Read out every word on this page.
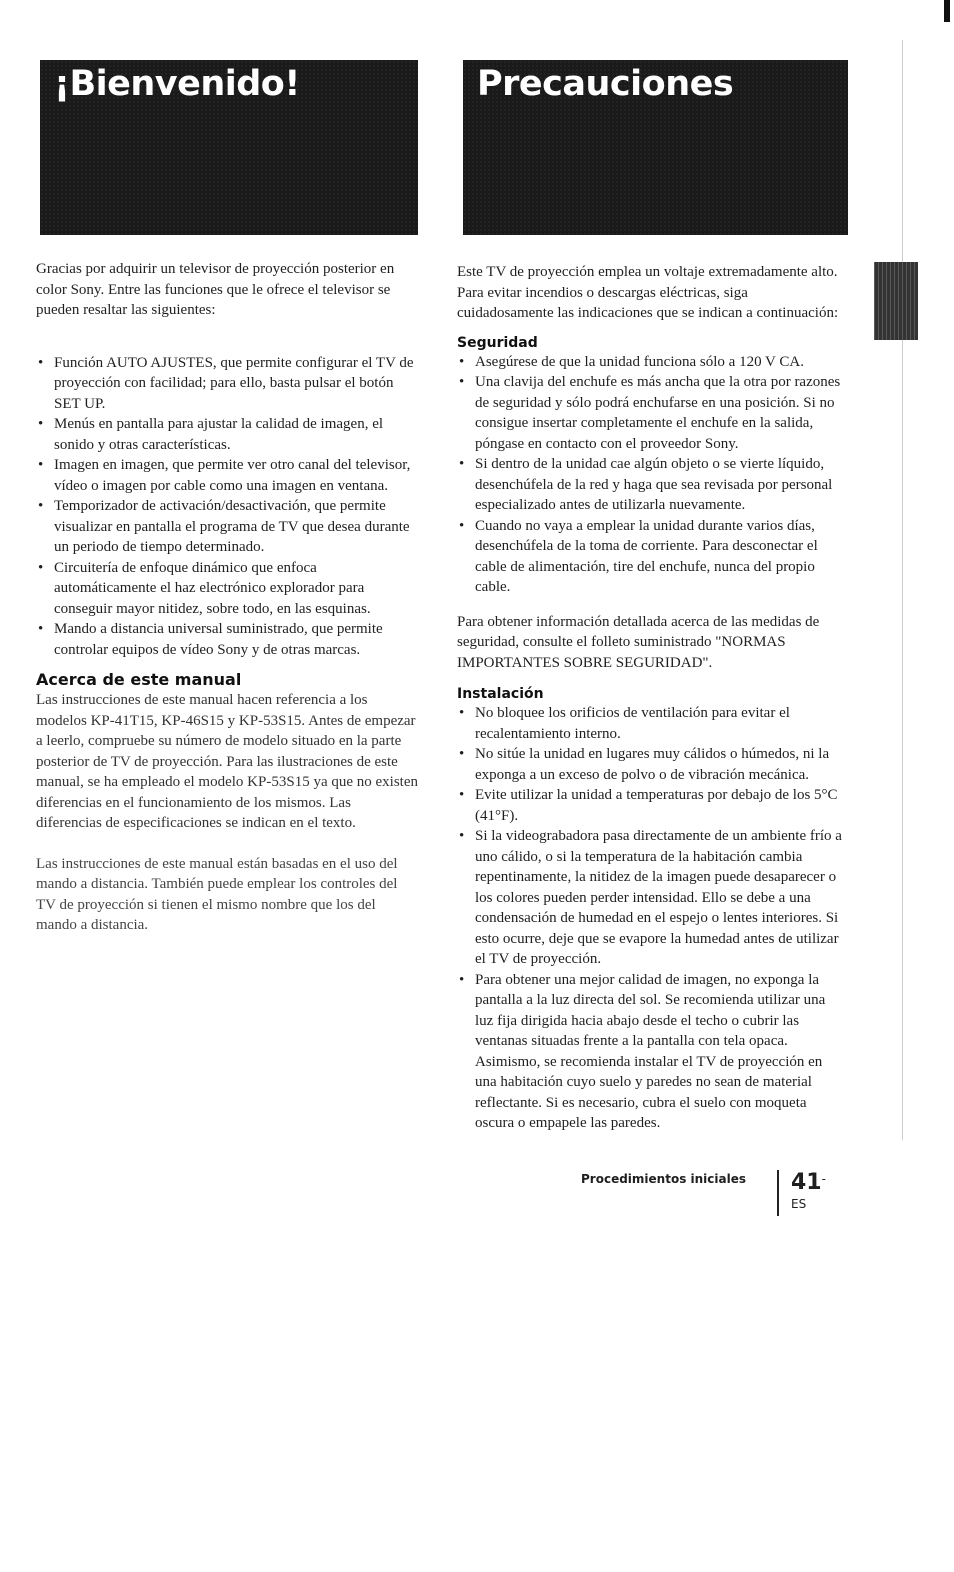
¡Bienvenido!	Precauciones

Gracias por adquirir un televisor de proyección posterior en color Sony. Entre las funciones que le ofrece el televisor se pueden resaltar las siguientes:

• Función AUTO AJUSTES, que permite configurar el TV de proyección con facilidad; para ello, basta pulsar el botón SET UP.
• Menús en pantalla para ajustar la calidad de imagen, el sonido y otras características.
• Imagen en imagen, que permite ver otro canal del televisor, vídeo o imagen por cable como una imagen en ventana.
• Temporizador de activación/desactivación, que permite visualizar en pantalla el programa de TV que desea durante un periodo de tiempo determinado.
• Circuitería de enfoque dinámico que enfoca automáticamente el haz electrónico explorador para conseguir mayor nitidez, sobre todo, en las esquinas.
• Mando a distancia universal suministrado, que permite controlar equipos de vídeo Sony y de otras marcas.
Acerca de este manual

Las instrucciones de este manual hacen referencia a los modelos KP-41T15, KP-46S15 y KP-53S15. Antes de empezar a leerlo, compruebe su número de modelo situado en la parte posterior de TV de proyección. Para las ilustraciones de este manual, se ha empleado el modelo KP-53S15 ya que no existen diferencias en el funcionamiento de los mismos. Las diferencias de especificaciones se indican en el texto.

Las instrucciones de este manual están basadas en el uso del mando a distancia. También puede emplear los controles del TV de proyección si tienen el mismo nombre que los del mando a distancia.

Este TV de proyección emplea un voltaje extremadamente alto. Para evitar incendios o descargas eléctricas, siga cuidadosamente las indicaciones que se indican a continuación:

Seguridad
• Asegúrese de que la unidad funciona sólo a 120 V CA.
• Una clavija del enchufe es más ancha que la otra por razones de seguridad y sólo podrá enchufarse en una posición. Si no consigue insertar completamente el enchufe en la salida, póngase en contacto con el proveedor Sony.
• Si dentro de la unidad cae algún objeto o se vierte líquido, desenchúfela de la red y haga que sea revisada por personal especializado antes de utilizarla nuevamente.
• Cuando no vaya a emplear la unidad durante varios días, desenchúfela de la toma de corriente. Para desconectar el cable de alimentación, tire del enchufe, nunca del propio cable.

Para obtener información detallada acerca de las medidas de seguridad, consulte el folleto suministrado "NORMAS IMPORTANTES SOBRE SEGURIDAD".

Instalación
• No bloquee los orificios de ventilación para evitar el recalentamiento interno.
• No sitúe la unidad en lugares muy cálidos o húmedos, ni la exponga a un exceso de polvo o de vibración mecánica.
• Evite utilizar la unidad a temperaturas por debajo de los 5°C (41°F).
• Si la videograbadora pasa directamente de un ambiente frío a uno cálido, o si la temperatura de la habitación cambia repentinamente, la nitidez de la imagen puede desaparecer o los colores pueden perder intensidad. Ello se debe a una condensación de humedad en el espejo o lentes interiores. Si esto ocurre, deje que se evapore la humedad antes de utilizar el TV de proyección.
• Para obtener una mejor calidad de imagen, no exponga la pantalla a la luz directa del sol. Se recomienda utilizar una luz fija dirigida hacia abajo desde el techo o cubrir las ventanas situadas frente a la pantalla con tela opaca. Asimismo, se recomienda instalar el TV de proyección en una habitación cuyo suelo y paredes no sean de material reflectante. Si es necesario, cubra el suelo con moqueta oscura o empapele las paredes.
Procedimientos iniciales $41^{-ES}$
